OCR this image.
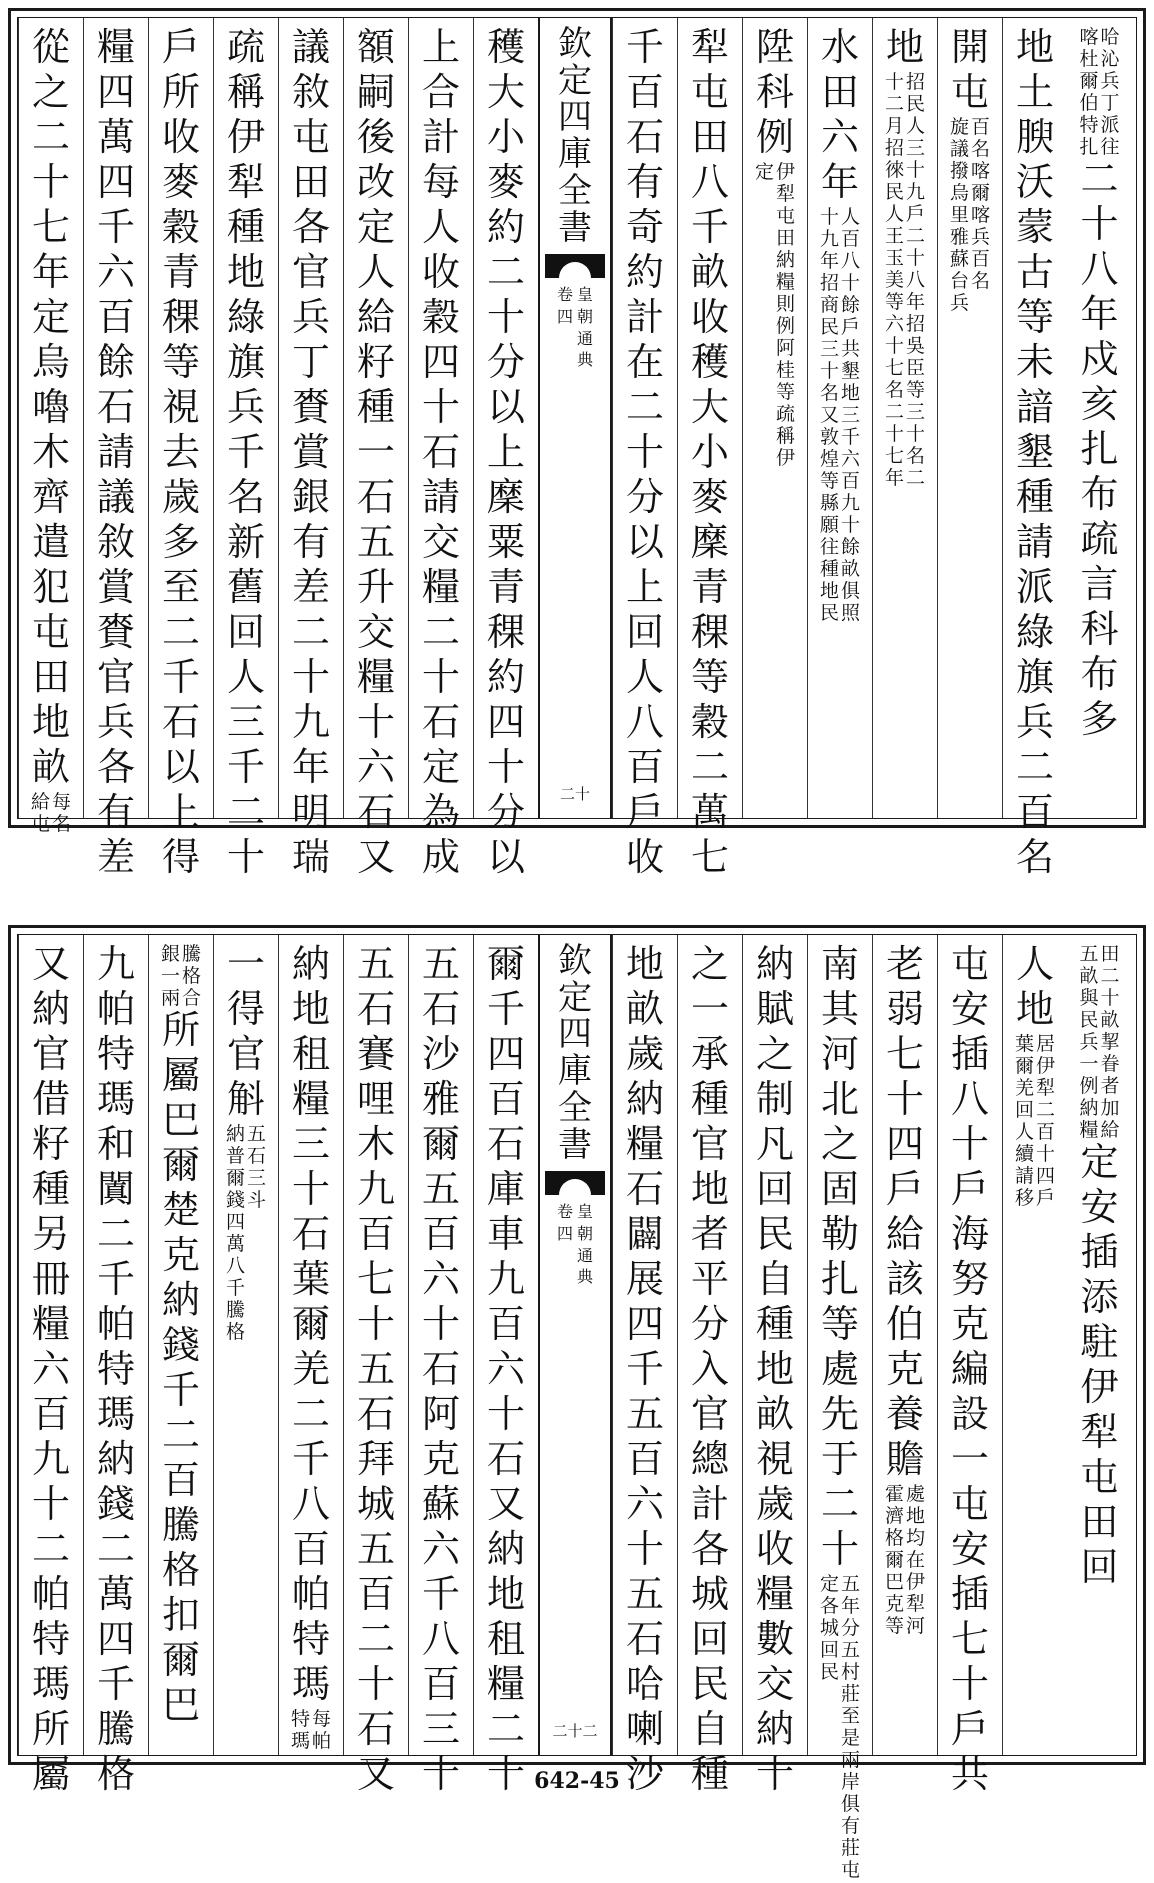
哈
沁
兵
丁
派
往
喀
杜
爾
伯
特
扎
二
十
八
年
戍
亥
扎
布
疏
言
科
布
多
地
土
腴
沃
蒙
古
等
未
諳
墾
種
請
派
綠
旗
兵
二
百
名
開
屯
百
名
喀
爾
喀
兵
百
名
旋
議
撥
烏
里
雅
蘇
台
兵
地
招
民
人
三
十
九
戶
二
十
八
年
招
吳
臣
等
三
十
名
二
十
二
月
招
徠
民
人
王
玉
美
等
六
十
七
名
二
十
七
年
水
田
六
年
人
百
八
十
餘
戶
共
墾
地
三
千
六
百
九
十
餘
畝
俱
照
十
九
年
招
商
民
三
十
名
又
敦
煌
等
縣
願
往
種
地
民
陞
科
例
伊
犁
屯
田
納
糧
則
例
阿
桂
等
疏
稱
伊
定
犁
屯
田
八
千
畝
收
穫
大
小
麥
穈
青
稞
等
穀
二
萬
七
千
百
石
有
奇
約
計
在
二
十
分
以
上
回
人
八
百
戶
收
穫
大
小
麥
約
二
十
分
以
上
穈
粟
青
稞
約
四
十
分
以
上
合
計
每
人
收
穀
四
十
石
請
交
糧
二
十
石
定
為
成
額
嗣
後
改
定
人
給
籽
種
一
石
五
升
交
糧
十
六
石
又
議
敘
屯
田
各
官
兵
丁
賚
賞
銀
有
差
二
十
九
年
明
瑞
疏
稱
伊
犁
種
地
綠
旗
兵
千
名
新
舊
回
人
三
千
二
十
戶
所
收
麥
穀
青
稞
等
視
去
歲
多
至
二
千
石
以
上
得
糧
四
萬
四
千
六
百
餘
石
請
議
敘
賞
賚
官
兵
各
有
差
從
之
二
十
七
年
定
烏
嚕
木
齊
遣
犯
屯
田
地
畝
每
名
給
屯
欽
定
四
庫
全
書
皇
朝
通
典
卷
四
二十
田
二
十
畝
挈
眷
者
加
給
五
畝
與
民
兵
一
例
納
糧
定
安
插
添
駐
伊
犁
屯
田
回
人
地
居
伊
犁
二
百
十
四
戶
葉
爾
羌
回
人
續
請
移
屯
安
插
八
十
戶
海
努
克
編
設
一
屯
安
插
七
十
戶
共
老
弱
七
十
四
戶
給
該
伯
克
養
贍
處
地
均
在
伊
犁
河
霍
濟
格
爾
巴
克
等
南
其
河
北
之
固
勒
扎
等
處
先
于
二
十
五
年
分
五
村
莊
至
是
兩
岸
俱
有
莊
屯
定
各
城
回
民
納
賦
之
制
凡
回
民
自
種
地
畝
視
歲
收
糧
數
交
納
十
之
一
承
種
官
地
者
平
分
入
官
總
計
各
城
回
民
自
種
地
畝
歲
納
糧
石
闢
展
四
千
五
百
六
十
五
石
哈
喇
沙
爾
千
四
百
石
庫
車
九
百
六
十
石
又
納
地
租
糧
二
十
五
石
沙
雅
爾
五
百
六
十
石
阿
克
蘇
六
千
八
百
三
十
五
石
賽
哩
木
九
百
七
十
五
石
拜
城
五
百
二
十
石
又
納
地
租
糧
三
十
石
葉
爾
羌
二
千
八
百
帕
特
瑪
每
帕
特
瑪
一
得
官
斛
五
石
三
斗
納
普
爾
錢
四
萬
八
千
騰
格
騰
格
合
銀
一
兩
所
屬
巴
爾
楚
克
納
錢
千
二
百
騰
格
扣
爾
巴
九
帕
特
瑪
和
闐
二
千
帕
特
瑪
納
錢
二
萬
四
千
騰
格
又
納
官
借
籽
種
另
冊
糧
六
百
九
十
二
帕
特
瑪
所
屬
欽
定
四
庫
全
書
皇
朝
通
典
卷
四
二十二
642-45
